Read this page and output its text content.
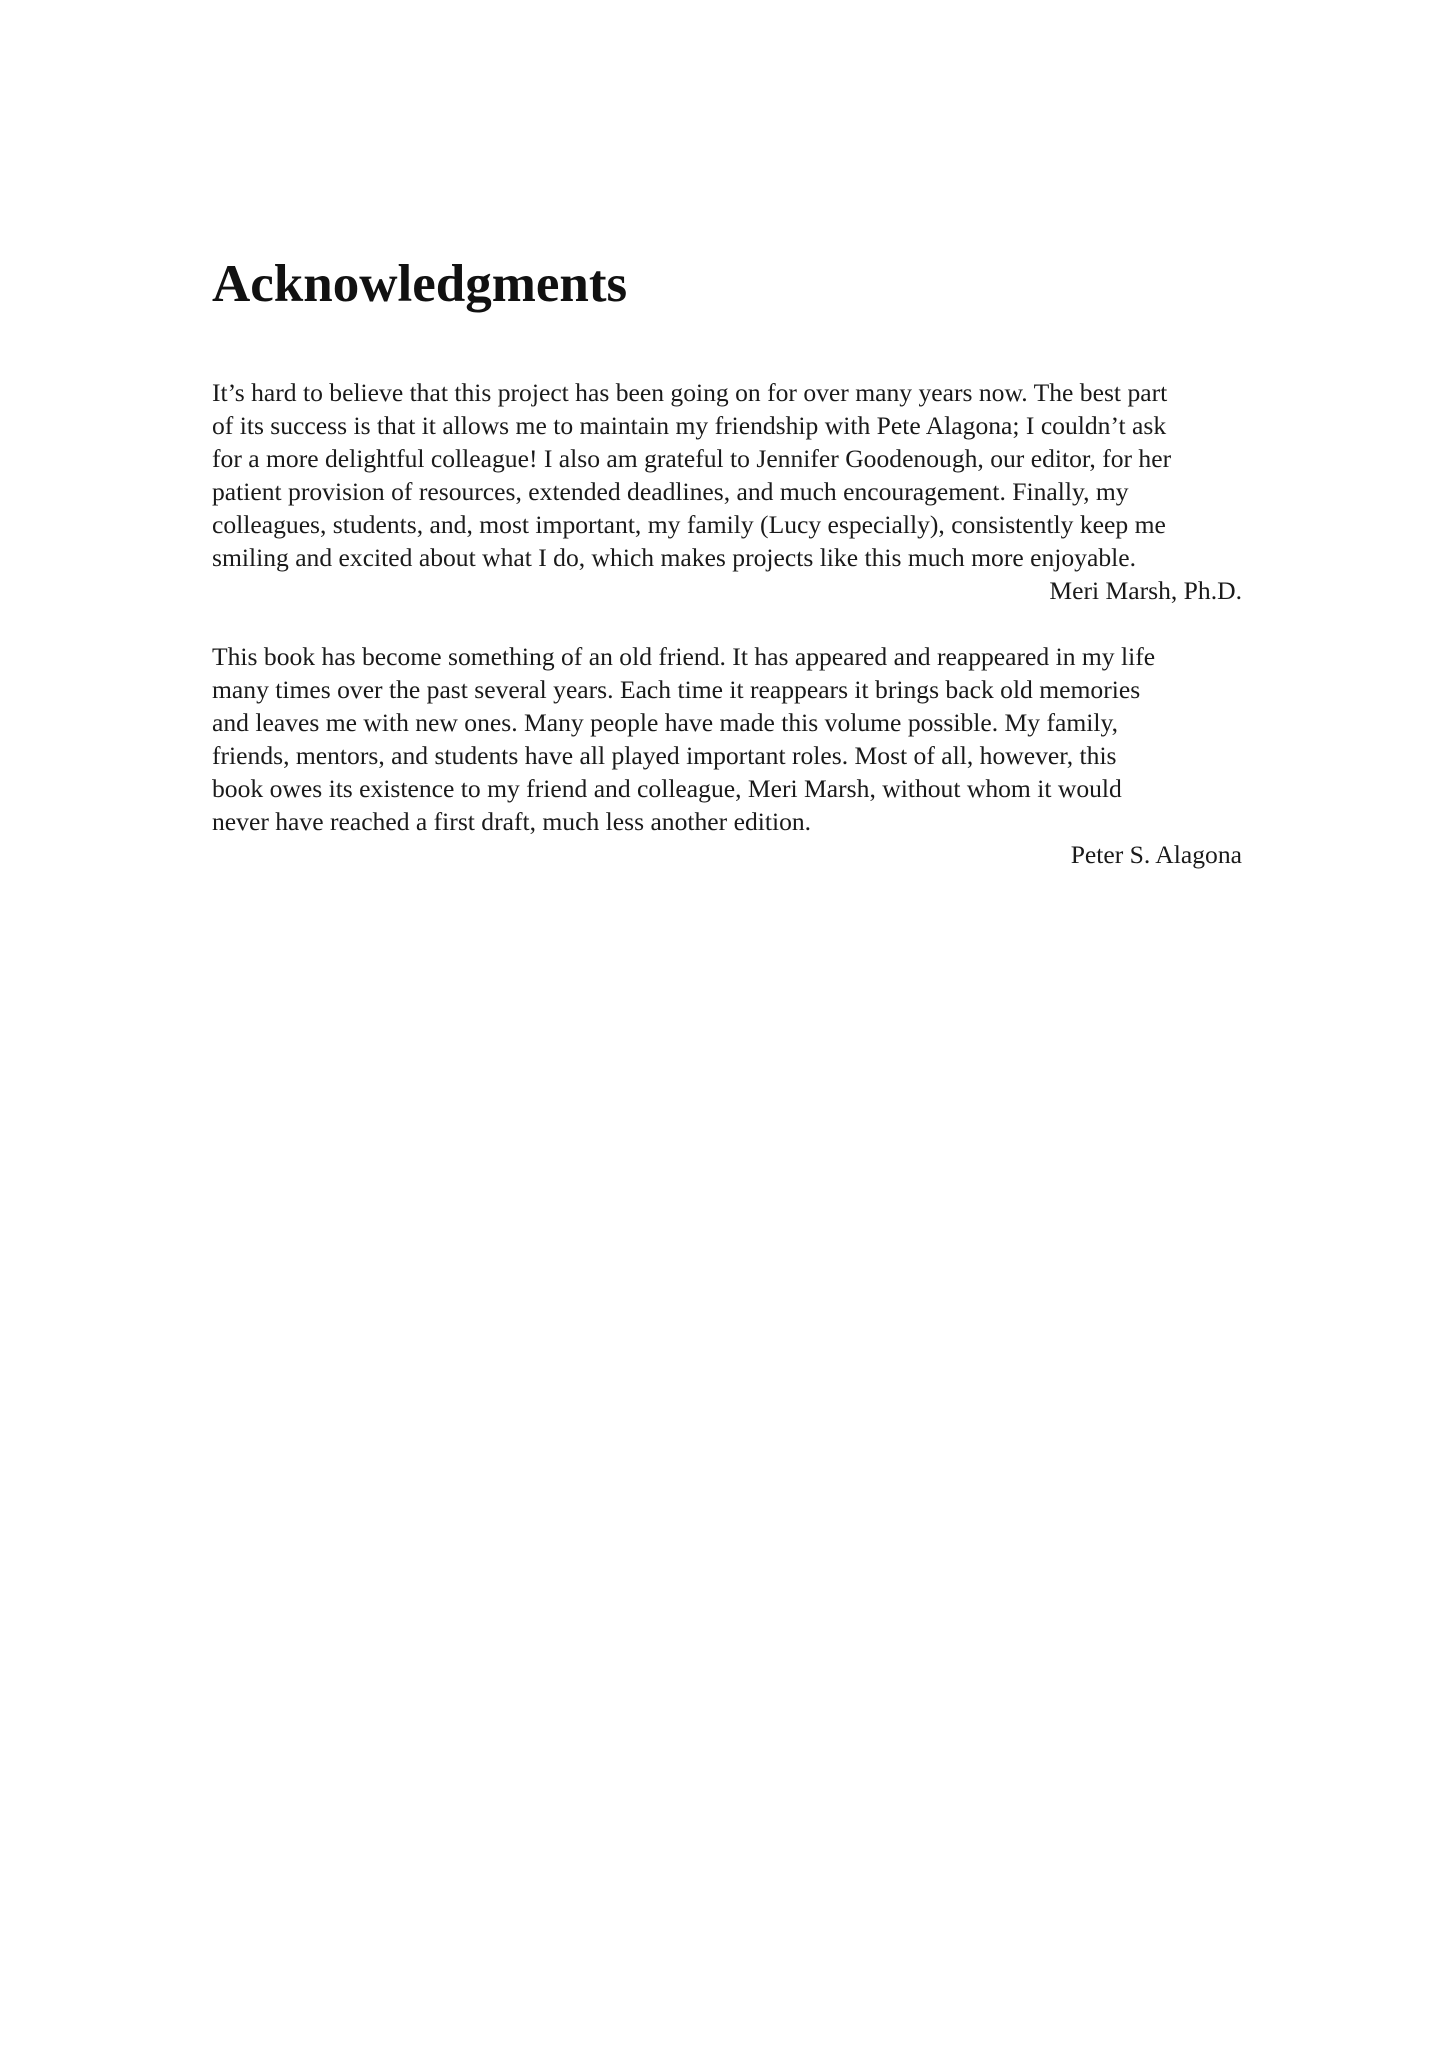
Acknowledgments

It’s hard to believe that this project has been going on for over many years now. The best part
of its success is that it allows me to maintain my friendship with Pete Alagona; I couldn’t ask
for a more delightful colleague! I also am grateful to Jennifer Goodenough, our editor, for her
patient provision of resources, extended deadlines, and much encouragement. Finally, my
colleagues, students, and, most important, my family (Lucy especially), consistently keep me
smiling and excited about what I do, which makes projects like this much more enjoyable.

Meri Marsh, Ph.D.

This book has become something of an old friend. It has appeared and reappeared in my life
many times over the past several years. Each time it reappears it brings back old memories
and leaves me with new ones. Many people have made this volume possible. My family,
friends, mentors, and students have all played important roles. Most of all, however, this
book owes its existence to my friend and colleague, Meri Marsh, without whom it would
never have reached a first draft, much less another edition.

Peter S. Alagona
